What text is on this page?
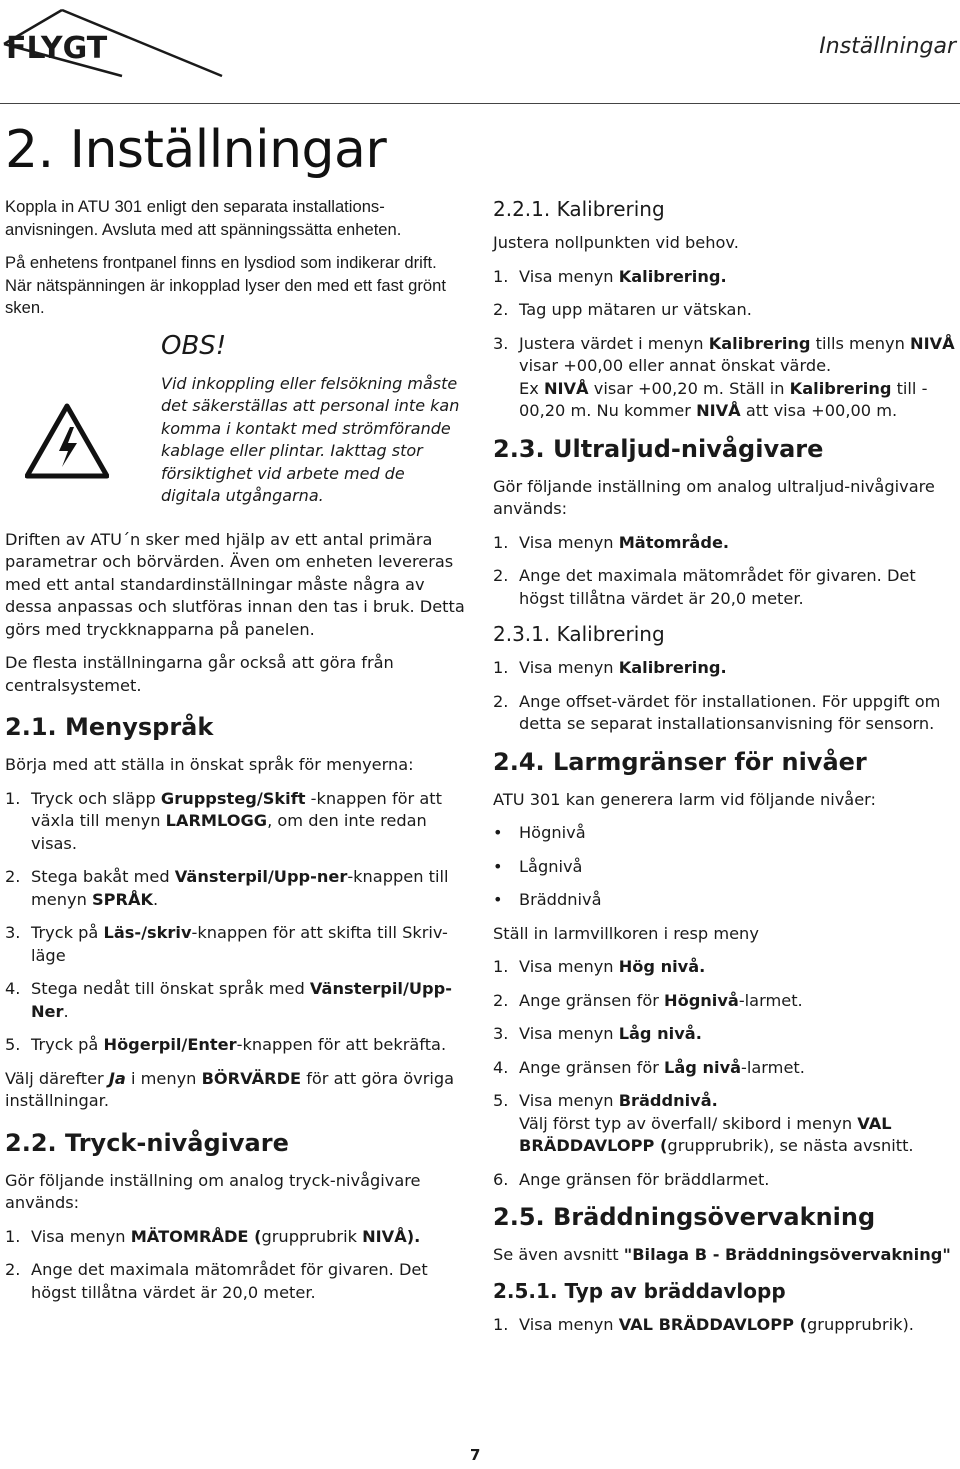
FLYGT	Inställningar
2. Inställningar

Koppla in ATU 301 enligt den separata installations-anvisningen. Avsluta med att spänningssätta enheten.

På enhetens frontpanel finns en lysdiod som indikerar drift. När nätspänningen är inkopplad lyser den med ett fast grönt sken.

OBS!
Vid inkoppling eller felsökning måste det säkerställas att personal inte kan komma i kontakt med strömförande kablage eller plintar. Iakttag stor försiktighet vid arbete med de digitala utgångarna.

Driften av ATU´n sker med hjälp av ett antal primära parametrar och börvärden. Även om enheten levereras med ett antal standardinställningar måste några av dessa anpassas och slutföras innan den tas i bruk. Detta görs med tryckknapparna på panelen.

De flesta inställningarna går också att göra från centralsystemet.

2.1. Menyspråk

Börja med att ställa in önskat språk för menyerna:

1. Tryck och släpp Gruppsteg/Skift -knappen för att växla till menyn LARMLOGG, om den inte redan visas.
2. Stega bakåt med Vänsterpil/Upp-ner-knappen till menyn SPRÅK.
3. Tryck på Läs-/skriv-knappen för att skifta till Skriv-läge
4. Stega nedåt till önskat språk med Vänsterpil/Upp-Ner.
5. Tryck på Högerpil/Enter-knappen för att bekräfta.

Välj därefter Ja i menyn BÖRVÄRDE för att göra övriga inställningar.

2.2. Tryck-nivågivare

Gör följande inställning om analog tryck-nivågivare används:

1. Visa menyn MÄTOMRÅDE (grupprubrik NIVÅ).
2. Ange det maximala mätområdet för givaren. Det högst tillåtna värdet är 20,0 meter.
2.2.1. Kalibrering

Justera nollpunkten vid behov.

1. Visa menyn Kalibrering.
2. Tag upp mätaren ur vätskan.
3. Justera värdet i menyn Kalibrering tills menyn NIVÅ visar +00,00 eller annat önskat värde.
Ex NIVÅ visar +00,20 m. Ställ in Kalibrering till - 00,20 m. Nu kommer NIVÅ att visa +00,00 m.
2.3. Ultraljud-nivågivare

Gör följande inställning om analog ultraljud-nivågivare används:

1. Visa menyn Mätområde.
2. Ange det maximala mätområdet för givaren. Det högst tillåtna värdet är 20,0 meter.
2.3.1. Kalibrering
1. Visa menyn Kalibrering.
2. Ange offset-värdet för installationen. För uppgift om detta se separat installationsanvisning för sensorn.
2.4. Larmgränser för nivåer

ATU 301 kan generera larm vid följande nivåer:

• Högnivå
• Lågnivå
• Bräddnivå

Ställ in larmvillkoren i resp meny

1. Visa menyn Hög nivå.
2. Ange gränsen för Högnivå-larmet.
3. Visa menyn Låg nivå.
4. Ange gränsen för Låg nivå-larmet.
5. Visa menyn Bräddnivå.
Välj först typ av överfall/ skibord i menyn VAL BRÄDDAVLOPP (grupprubrik), se nästa avsnitt.
6. Ange gränsen för bräddlarmet.
2.5. Bräddningsövervakning

Se även avsnitt "Bilaga B - Bräddningsövervakning"

2.5.1. Typ av bräddavlopp
1. Visa menyn VAL BRÄDDAVLOPP (grupprubrik).
7
